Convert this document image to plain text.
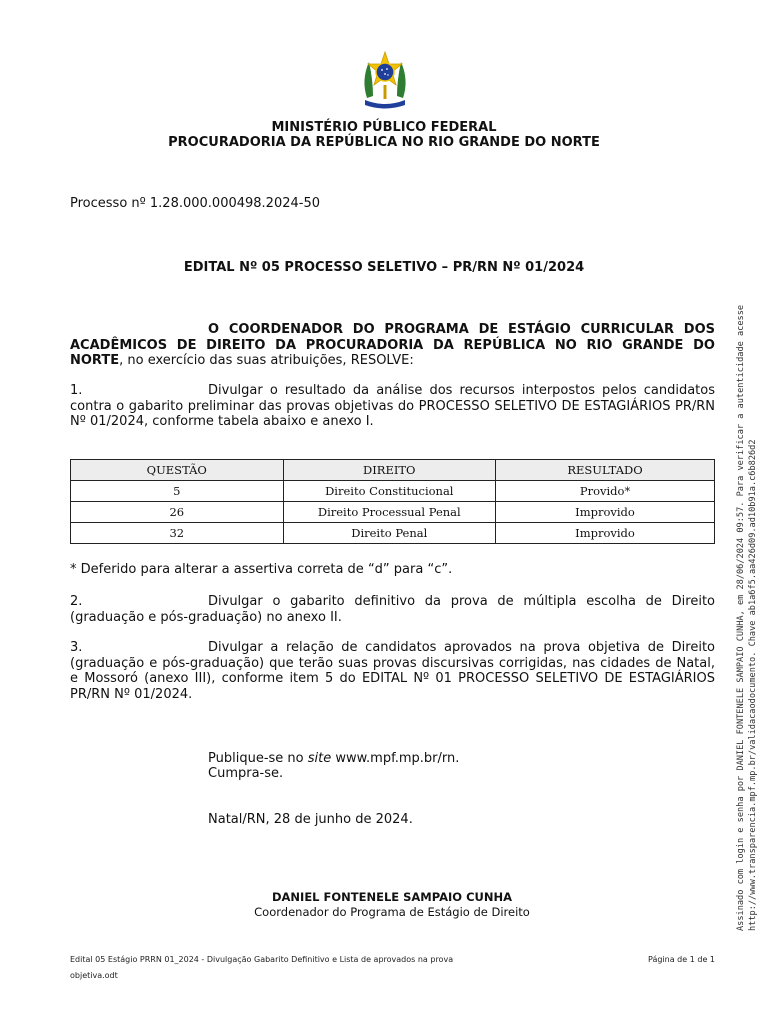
MINISTÉRIO PÚBLICO FEDERAL
PROCURADORIA DA REPÚBLICA NO RIO GRANDE DO NORTE
Processo nº 1.28.000.000498.2024-50
EDITAL Nº 05 PROCESSO SELETIVO – PR/RN Nº 01/2024
O COORDENADOR DO PROGRAMA DE ESTÁGIO CURRICULAR DOS ACADÊMICOS DE DIREITO DA PROCURADORIA DA REPÚBLICA NO RIO GRANDE DO NORTE, no exercício das suas atribuições, RESOLVE:
1.	Divulgar o resultado da análise dos recursos interpostos pelos candidatos contra o gabarito preliminar das provas objetivas do PROCESSO SELETIVO DE ESTAGIÁRIOS PR/RN Nº 01/2024, conforme tabela abaixo e anexo I.
QUESTÃO	DIREITO	RESULTADO
5	Direito Constitucional	Provido*
26	Direito Processual Penal	Improvido
32	Direito Penal	Improvido
* Deferido para alterar a assertiva correta de “d” para “c”.
2.	Divulgar o gabarito definitivo da prova de múltipla escolha de Direito (graduação e pós-graduação) no anexo II.
3.	Divulgar a relação de candidatos aprovados na prova objetiva de Direito (graduação e pós-graduação) que terão suas provas discursivas corrigidas, nas cidades de Natal, e Mossoró (anexo III), conforme item 5 do EDITAL Nº 01 PROCESSO SELETIVO DE ESTAGIÁRIOS PR/RN Nº 01/2024.
Publique-se no site www.mpf.mp.br/rn.
Cumpra-se.
Natal/RN, 28 de junho de 2024.
DANIEL FONTENELE SAMPAIO CUNHA
Coordenador do Programa de Estágio de Direito
Edital 05 Estágio PRRN 01_2024 - Divulgação Gabarito Definitivo e Lista de aprovados na prova
objetiva.odt
Página de 1 de 1
Assinado com login e senha por DANIEL FONTENELE SAMPAIO CUNHA, em 28/06/2024 09:57. Para verificar a autenticidade acesse http://www.transparencia.mpf.mp.br/validacaodocumento. Chave ab1a6f5.aa426d09.ad10b91a.c6b826d2
